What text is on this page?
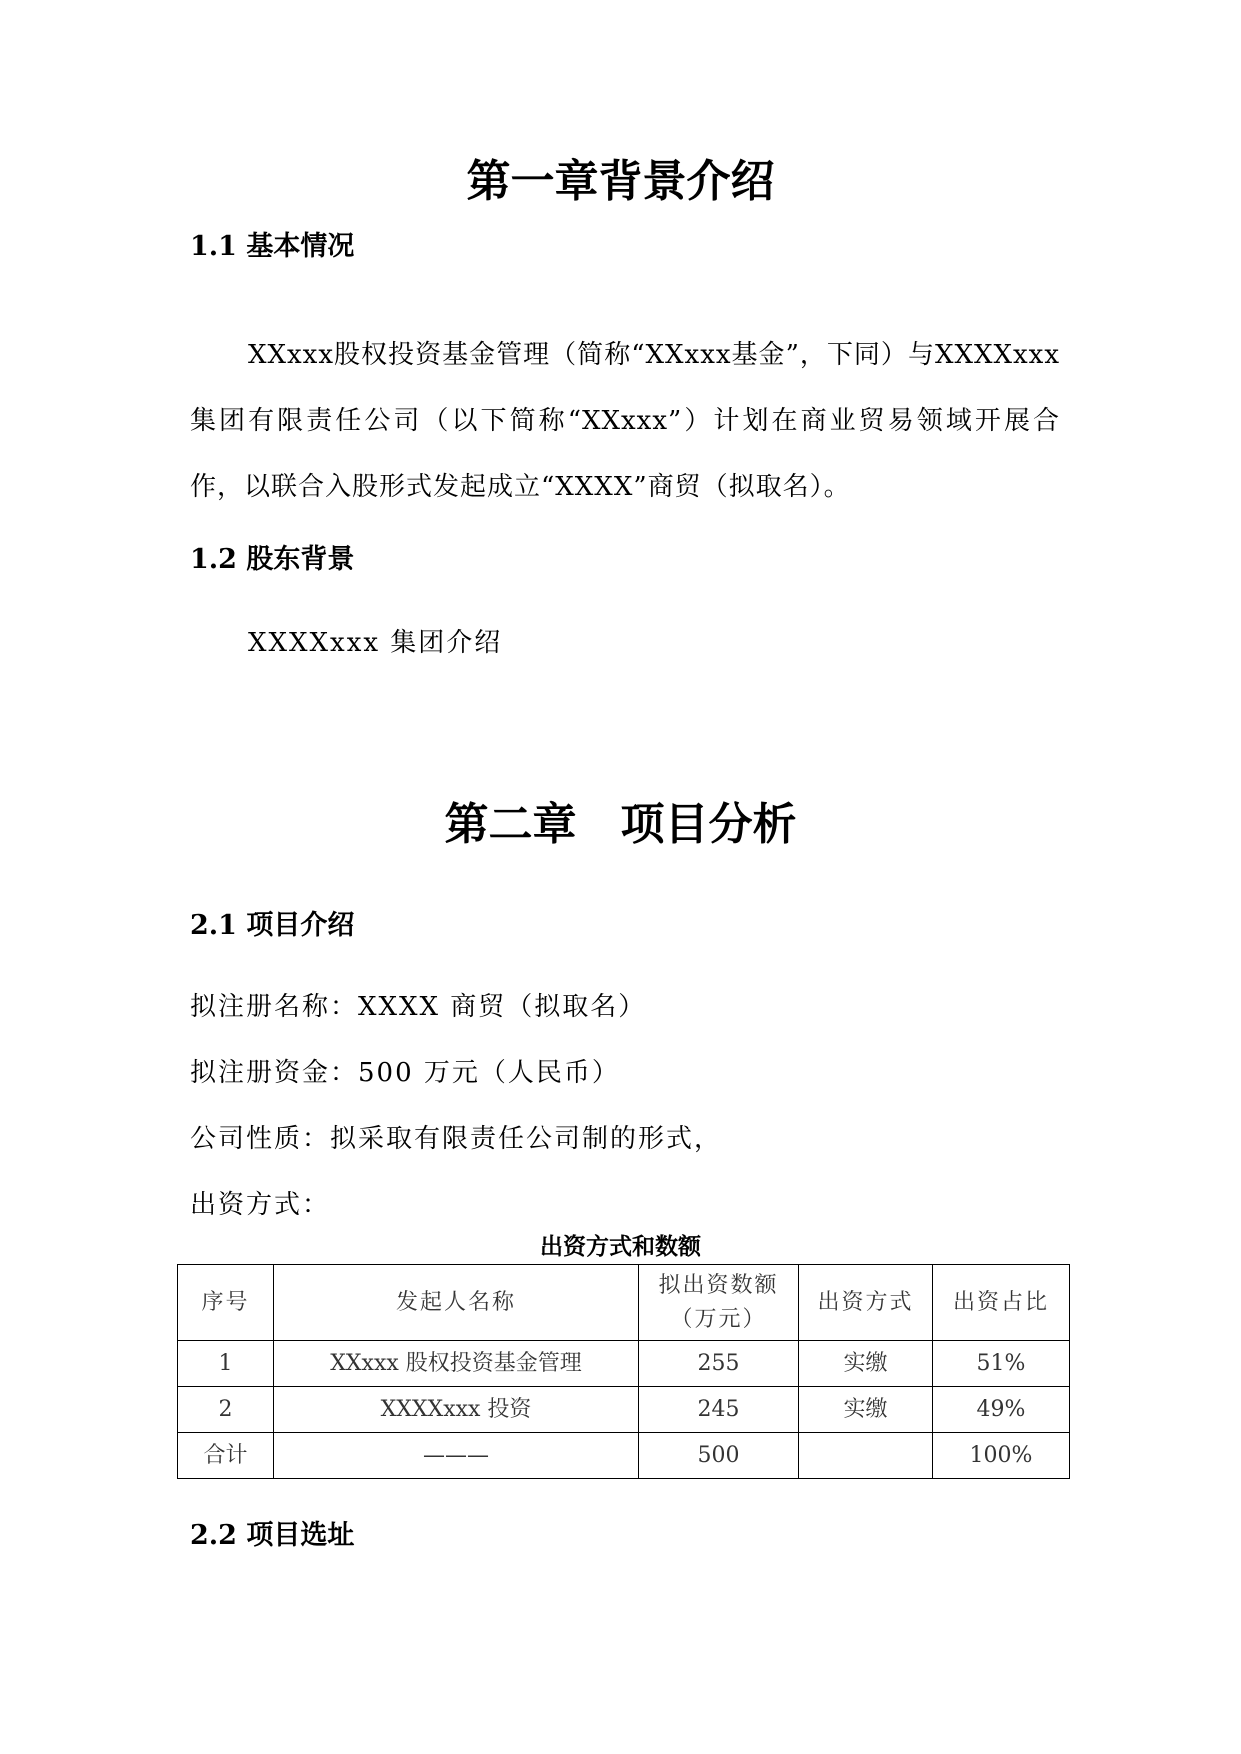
第一章背景介绍
1.1 基本情况

XXxxx股权投资基金管理（简称“XXxxx基金”，下同）与XXXXxxx集团有限责任公司（以下简称“XXxxx”）计划在商业贸易领域开展合作，以联合入股形式发起成立“XXXX”商贸（拟取名）。

1.2 股东背景

XXXXxxx 集团介绍

第二章　项目分析
2.1 项目介绍

拟注册名称：XXXX 商贸（拟取名）

拟注册资金：500 万元（人民币）

公司性质：拟采取有限责任公司制的形式，

出资方式：

出资方式和数额

序号	发起人名称	拟出资数额（万元）	出资方式	出资占比
1	XXxxx 股权投资基金管理	255	实缴	51%
2	XXXXxxx 投资	245	实缴	49%
合计	———	500		100%
2.2 项目选址
